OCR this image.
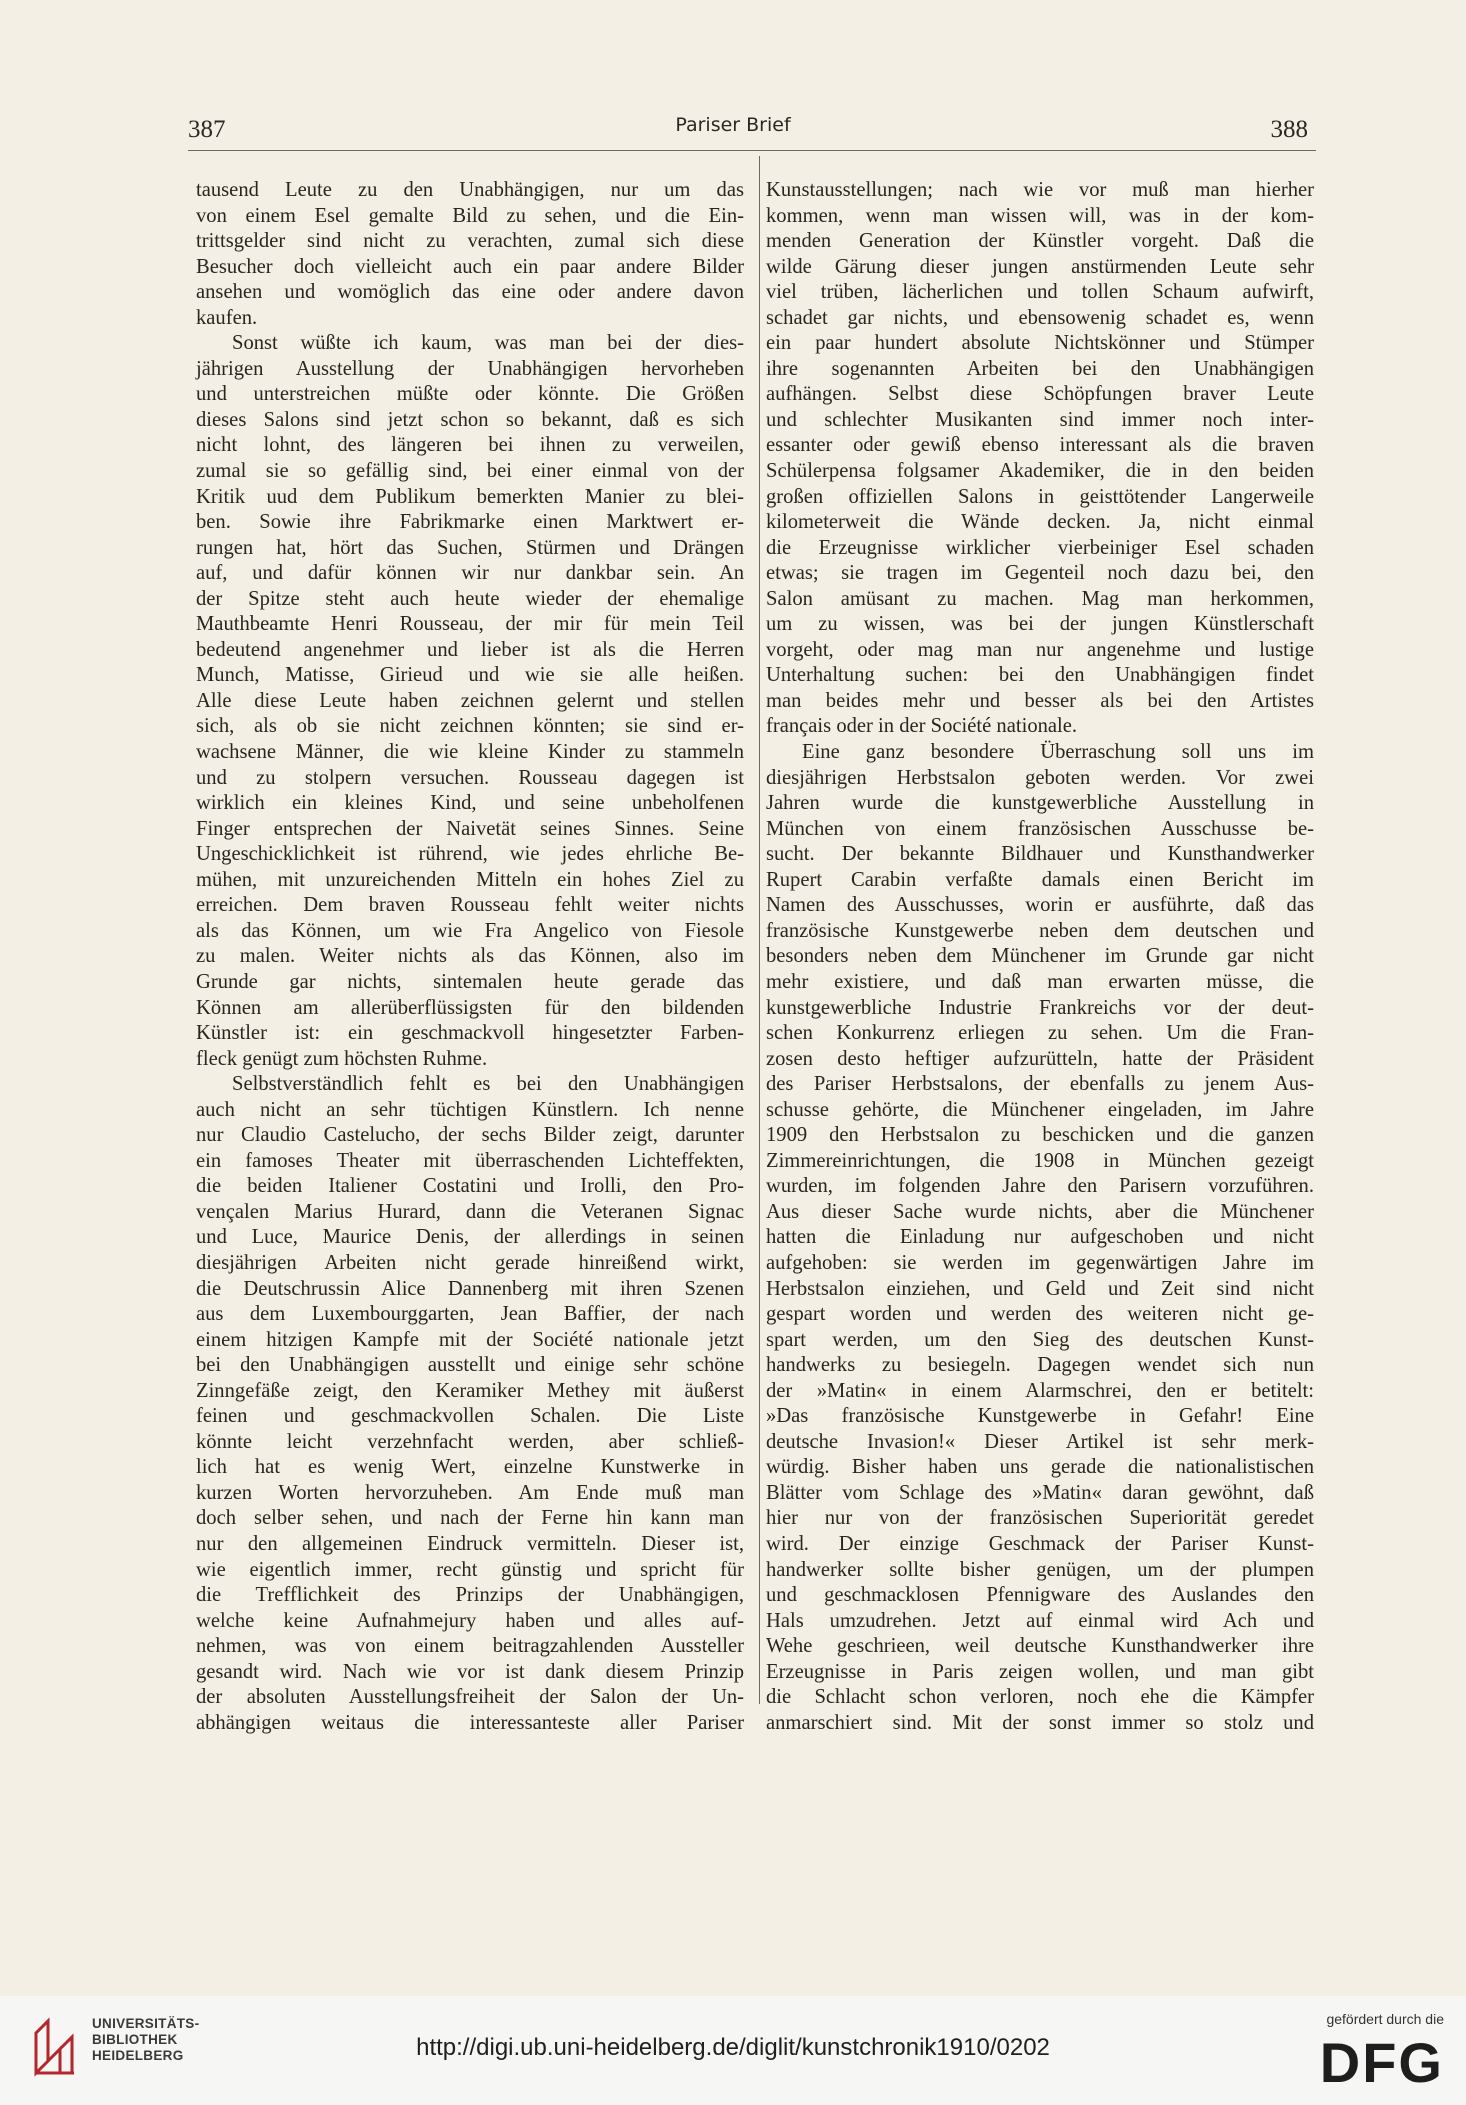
387	Pariser Brief	388
tausend Leute zu den Unabhängigen, nur um das
von einem Esel gemalte Bild zu sehen, und die Ein-
trittsgelder sind nicht zu verachten, zumal sich diese
Besucher doch vielleicht auch ein paar andere Bilder
ansehen und womöglich das eine oder andere davon
kaufen.
Sonst wüßte ich kaum, was man bei der dies-
jährigen Ausstellung der Unabhängigen hervorheben
und unterstreichen müßte oder könnte. Die Größen
dieses Salons sind jetzt schon so bekannt, daß es sich
nicht lohnt, des längeren bei ihnen zu verweilen,
zumal sie so gefällig sind, bei einer einmal von der
Kritik uud dem Publikum bemerkten Manier zu blei-
ben. Sowie ihre Fabrikmarke einen Marktwert er-
rungen hat, hört das Suchen, Stürmen und Drängen
auf, und dafür können wir nur dankbar sein. An
der Spitze steht auch heute wieder der ehemalige
Mauthbeamte Henri Rousseau, der mir für mein Teil
bedeutend angenehmer und lieber ist als die Herren
Munch, Matisse, Girieud und wie sie alle heißen.
Alle diese Leute haben zeichnen gelernt und stellen
sich, als ob sie nicht zeichnen könnten; sie sind er-
wachsene Männer, die wie kleine Kinder zu stammeln
und zu stolpern versuchen. Rousseau dagegen ist
wirklich ein kleines Kind, und seine unbeholfenen
Finger entsprechen der Naivetät seines Sinnes. Seine
Ungeschicklichkeit ist rührend, wie jedes ehrliche Be-
mühen, mit unzureichenden Mitteln ein hohes Ziel zu
erreichen. Dem braven Rousseau fehlt weiter nichts
als das Können, um wie Fra Angelico von Fiesole
zu malen. Weiter nichts als das Können, also im
Grunde gar nichts, sintemalen heute gerade das
Können am allerüberflüssigsten für den bildenden
Künstler ist: ein geschmackvoll hingesetzter Farben-
fleck genügt zum höchsten Ruhme.
Selbstverständlich fehlt es bei den Unabhängigen
auch nicht an sehr tüchtigen Künstlern. Ich nenne
nur Claudio Castelucho, der sechs Bilder zeigt, darunter
ein famoses Theater mit überraschenden Lichteffekten,
die beiden Italiener Costatini und Irolli, den Pro-
vençalen Marius Hurard, dann die Veteranen Signac
und Luce, Maurice Denis, der allerdings in seinen
diesjährigen Arbeiten nicht gerade hinreißend wirkt,
die Deutschrussin Alice Dannenberg mit ihren Szenen
aus dem Luxembourggarten, Jean Baffier, der nach
einem hitzigen Kampfe mit der Société nationale jetzt
bei den Unabhängigen ausstellt und einige sehr schöne
Zinngefäße zeigt, den Keramiker Methey mit äußerst
feinen und geschmackvollen Schalen. Die Liste
könnte leicht verzehnfacht werden, aber schließ-
lich hat es wenig Wert, einzelne Kunstwerke in
kurzen Worten hervorzuheben. Am Ende muß man
doch selber sehen, und nach der Ferne hin kann man
nur den allgemeinen Eindruck vermitteln. Dieser ist,
wie eigentlich immer, recht günstig und spricht für
die Trefflichkeit des Prinzips der Unabhängigen,
welche keine Aufnahmejury haben und alles auf-
nehmen, was von einem beitragzahlenden Aussteller
gesandt wird. Nach wie vor ist dank diesem Prinzip
der absoluten Ausstellungsfreiheit der Salon der Un-
abhängigen weitaus die interessanteste aller Pariser
Kunstausstellungen; nach wie vor muß man hierher
kommen, wenn man wissen will, was in der kom-
menden Generation der Künstler vorgeht. Daß die
wilde Gärung dieser jungen anstürmenden Leute sehr
viel trüben, lächerlichen und tollen Schaum aufwirft,
schadet gar nichts, und ebensowenig schadet es, wenn
ein paar hundert absolute Nichtskönner und Stümper
ihre sogenannten Arbeiten bei den Unabhängigen
aufhängen. Selbst diese Schöpfungen braver Leute
und schlechter Musikanten sind immer noch inter-
essanter oder gewiß ebenso interessant als die braven
Schülerpensa folgsamer Akademiker, die in den beiden
großen offiziellen Salons in geisttötender Langerweile
kilometerweit die Wände decken. Ja, nicht einmal
die Erzeugnisse wirklicher vierbeiniger Esel schaden
etwas; sie tragen im Gegenteil noch dazu bei, den
Salon amüsant zu machen. Mag man herkommen,
um zu wissen, was bei der jungen Künstlerschaft
vorgeht, oder mag man nur angenehme und lustige
Unterhaltung suchen: bei den Unabhängigen findet
man beides mehr und besser als bei den Artistes
français oder in der Société nationale.
Eine ganz besondere Überraschung soll uns im
diesjährigen Herbstsalon geboten werden. Vor zwei
Jahren wurde die kunstgewerbliche Ausstellung in
München von einem französischen Ausschusse be-
sucht. Der bekannte Bildhauer und Kunsthandwerker
Rupert Carabin verfaßte damals einen Bericht im
Namen des Ausschusses, worin er ausführte, daß das
französische Kunstgewerbe neben dem deutschen und
besonders neben dem Münchener im Grunde gar nicht
mehr existiere, und daß man erwarten müsse, die
kunstgewerbliche Industrie Frankreichs vor der deut-
schen Konkurrenz erliegen zu sehen. Um die Fran-
zosen desto heftiger aufzurütteln, hatte der Präsident
des Pariser Herbstsalons, der ebenfalls zu jenem Aus-
schusse gehörte, die Münchener eingeladen, im Jahre
1909 den Herbstsalon zu beschicken und die ganzen
Zimmereinrichtungen, die 1908 in München gezeigt
wurden, im folgenden Jahre den Parisern vorzuführen.
Aus dieser Sache wurde nichts, aber die Münchener
hatten die Einladung nur aufgeschoben und nicht
aufgehoben: sie werden im gegenwärtigen Jahre im
Herbstsalon einziehen, und Geld und Zeit sind nicht
gespart worden und werden des weiteren nicht ge-
spart werden, um den Sieg des deutschen Kunst-
handwerks zu besiegeln. Dagegen wendet sich nun
der »Matin« in einem Alarmschrei, den er betitelt:
»Das französische Kunstgewerbe in Gefahr! Eine
deutsche Invasion!« Dieser Artikel ist sehr merk-
würdig. Bisher haben uns gerade die nationalistischen
Blätter vom Schlage des »Matin« daran gewöhnt, daß
hier nur von der französischen Superiorität geredet
wird. Der einzige Geschmack der Pariser Kunst-
handwerker sollte bisher genügen, um der plumpen
und geschmacklosen Pfennigware des Auslandes den
Hals umzudrehen. Jetzt auf einmal wird Ach und
Wehe geschrieen, weil deutsche Kunsthandwerker ihre
Erzeugnisse in Paris zeigen wollen, und man gibt
die Schlacht schon verloren, noch ehe die Kämpfer
anmarschiert sind. Mit der sonst immer so stolz und
UNIVERSITÄTS-
BIBLIOTHEK
HEIDELBERG	http://digi.ub.uni-heidelberg.de/diglit/kunstchronik1910/0202
gefördert durch die
DFG
